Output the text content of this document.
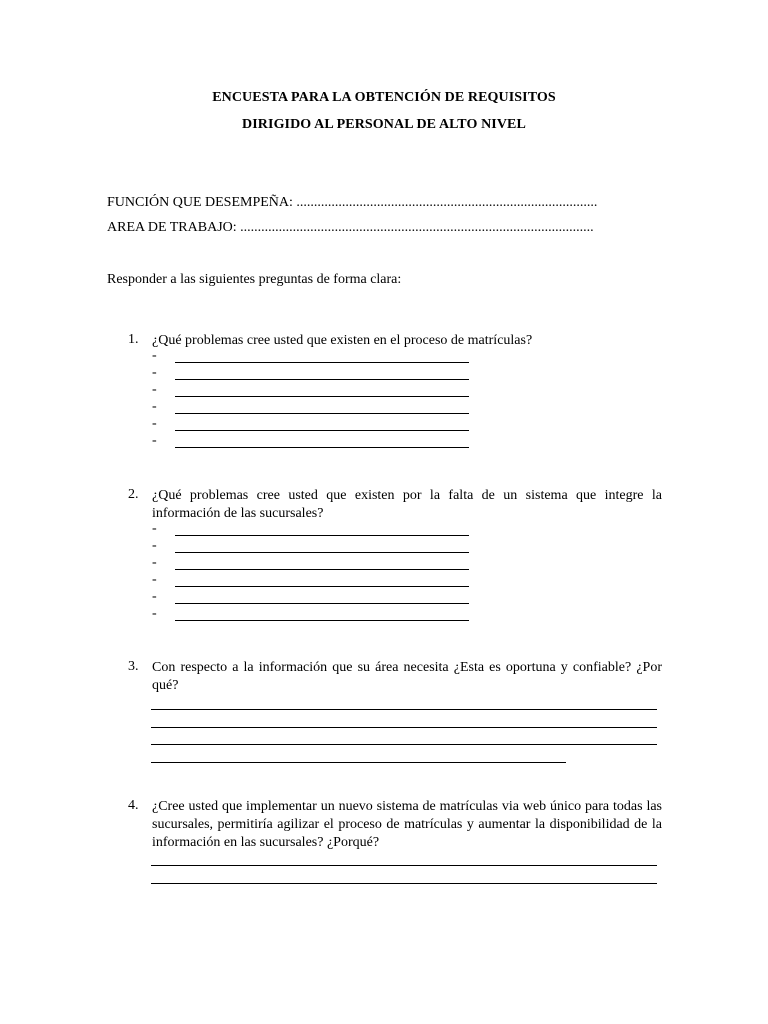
ENCUESTA PARA LA OBTENCIÓN DE REQUISITOS
DIRIGIDO AL PERSONAL DE ALTO NIVEL
FUNCIÓN QUE DESEMPEÑA: ......................................................................................
AREA DE TRABAJO: .....................................................................................................
Responder a las siguientes preguntas de forma clara:
1. ¿Qué problemas cree usted que existen en el proceso de matrículas?
-
-
-
-
-
-
2. ¿Qué problemas cree usted que existen por la falta de un sistema que integre la información de las sucursales?
-
-
-
-
-
-
3. Con respecto a la información que su área necesita ¿Esta es oportuna y confiable? ¿Por qué?
4. ¿Cree usted que implementar un nuevo sistema de matrículas via web único para todas las sucursales, permitiría agilizar el proceso de matrículas y aumentar la disponibilidad de la información en las sucursales? ¿Porqué?
